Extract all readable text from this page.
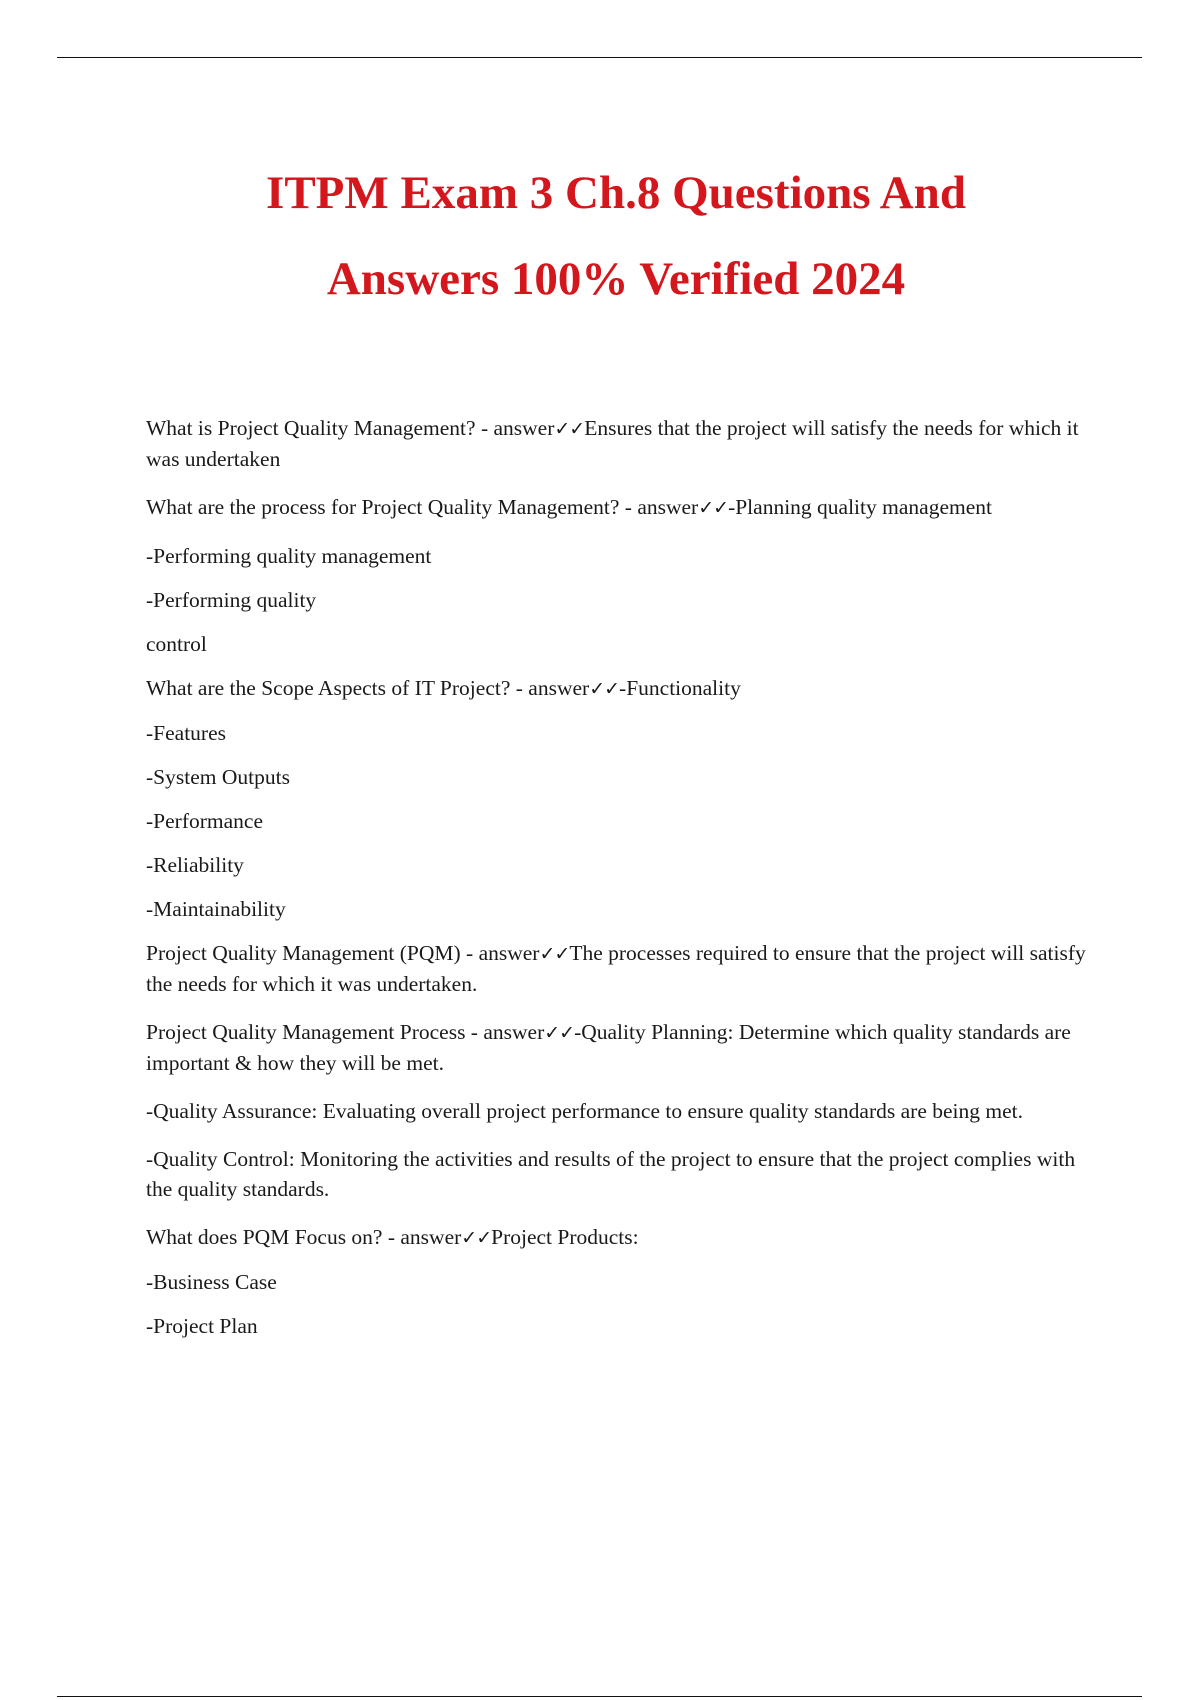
ITPM Exam 3 Ch.8 Questions And
Answers 100% Verified 2024

What is Project Quality Management? - answer✓✓Ensures that the project will satisfy the needs for which it was undertaken

What are the process for Project Quality Management? - answer✓✓-Planning quality management

-Performing quality management

-Performing quality

control

What are the Scope Aspects of IT Project? - answer✓✓-Functionality

-Features

-System Outputs

-Performance

-Reliability

-Maintainability

Project Quality Management (PQM) - answer✓✓The processes required to ensure that the project will satisfy the needs for which it was undertaken.

Project Quality Management Process - answer✓✓-Quality Planning: Determine which quality standards are important & how they will be met.

-Quality Assurance: Evaluating overall project performance to ensure quality standards are being met.

-Quality Control: Monitoring the activities and results of the project to ensure that the project complies with the quality standards.

What does PQM Focus on? - answer✓✓Project Products:

-Business Case

-Project Plan
